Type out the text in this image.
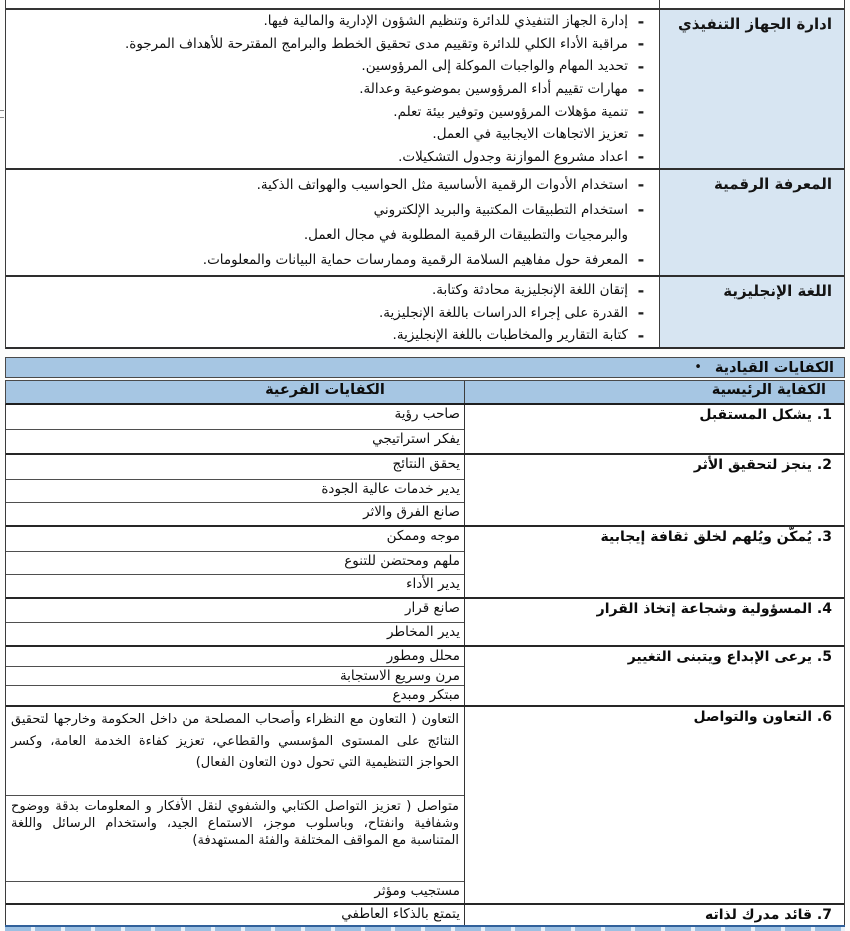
-
إدارة الجهاز التنفيذي للدائرة وتنظيم الشؤون الإدارية والمالية فيها.
-
مراقبة الأداء الكلي للدائرة وتقييم مدى تحقيق الخطط والبرامج المقترحة للأهداف المرجوة.
-
تحديد المهام والواجبات الموكلة إلى المرؤوسين.
-
مهارات تقييم أداء المرؤوسين بموضوعية وعدالة.
-
تنمية مؤهلات المرؤوسين وتوفير بيئة تعلم.
-
تعزيز الاتجاهات الايجابية في العمل.
-
اعداد مشروع الموازنة وجدول التشكيلات.
ادارة الجهاز التنفيذي
-
استخدام الأدوات الرقمية الأساسية مثل الحواسيب والهواتف الذكية.
-
استخدام التطبيقات المكتبية والبريد الإلكتروني
والبرمجيات والتطبيقات الرقمية المطلوبة في مجال العمل.
-
المعرفة حول مفاهيم السلامة الرقمية وممارسات حماية البيانات والمعلومات.
المعرفة الرقمية
-
إتقان اللغة الإنجليزية محادثة وكتابة.
-
القدرة على إجراء الدراسات باللغة الإنجليزية.
-
كتابة التقارير والمخاطبات باللغة الإنجليزية.
اللغة الإنجليزية
• الكفايات القيادية
الكفايات الفرعية	الكفاية الرئيسية
صاحب رؤية
يفكر استراتيجي
1. يشكل المستقبل
يحقق النتائج
يدير خدمات عالية الجودة
صانع الفرق والاثر
2. ينجز لتحقيق الأثر
موجه وممكن
ملهم ومحتضن للتنوع
يدير الأداء
3. يُمكّن ويُلهم لخلق ثقافة إيجابية
صانع قرار
يدير المخاطر
4. المسؤولية وشجاعة إتخاذ القرار
محلل ومطور
مرن وسريع الاستجابة
مبتكر ومبدع
5. يرعى الإبداع ويتبنى التغيير
التعاون ( التعاون مع النظراء وأصحاب المصلحة من داخل الحكومة وخارجها لتحقيق النتائج على المستوى المؤسسي والقطاعي، تعزيز كفاءة الخدمة العامة، وكسر الحواجز التنظيمية التي تحول دون التعاون الفعال)
متواصل ( تعزيز التواصل الكتابي والشفوي لنقل الأفكار و المعلومات بدقة ووضوح وشفافية وانفتاح، وباسلوب موجز، الاستماع الجيد، واستخدام الرسائل واللغة المتناسبة مع المواقف المختلفة والفئة المستهدفة)
مستجيب ومؤثر
6. التعاون والتواصل
يتمتع بالذكاء العاطفي	7. قائد مدرك لذاته
